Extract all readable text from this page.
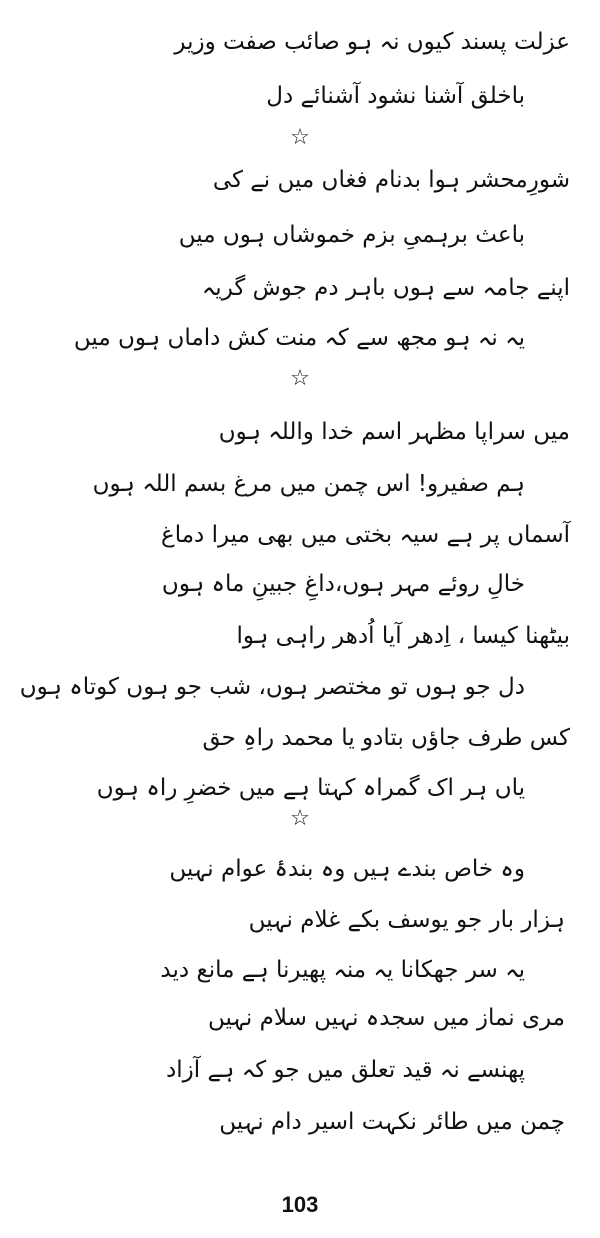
عزلت پسند کیوں نہ ہو صائب صفت وزیر
باخلق آشنا نشود آشنائے دل
☆
شورِمحشر ہوا بدنام فغاں میں نے کی
باعث برہمیِ بزم خموشاں ہوں میں
اپنے جامہ سے ہوں باہر دم جوش گریہ
یہ نہ ہو مجھ سے کہ منت کش داماں ہوں میں
☆
میں سراپا مظہر اسم خدا واللہ ہوں
ہم صفیرو! اس چمن میں مرغ بسم اللہ ہوں
آسماں پر ہے سیہ بختی میں بھی میرا دماغ
خالِ روئے مہر ہوں،داغِ جبینِ ماہ ہوں
بیٹھنا کیسا ، اِدھر آیا اُدھر راہی ہوا
دل جو ہوں تو مختصر ہوں، شب جو ہوں کوتاہ ہوں
کس طرف جاؤں بتادو یا محمد راہِ حق
یاں ہر اک گمراہ کہتا ہے میں خضرِ راہ ہوں
☆
وہ خاص بندے ہیں وہ بندۂ عوام نہیں
ہزار بار جو یوسف بکے غلام نہیں
یہ سر جھکانا یہ منہ پھیرنا ہے مانع دید
مری نماز میں سجدہ نہیں سلام نہیں
پھنسے نہ قید تعلق میں جو کہ ہے آزاد
چمن میں طائر نکہت اسیر دام نہیں
103
